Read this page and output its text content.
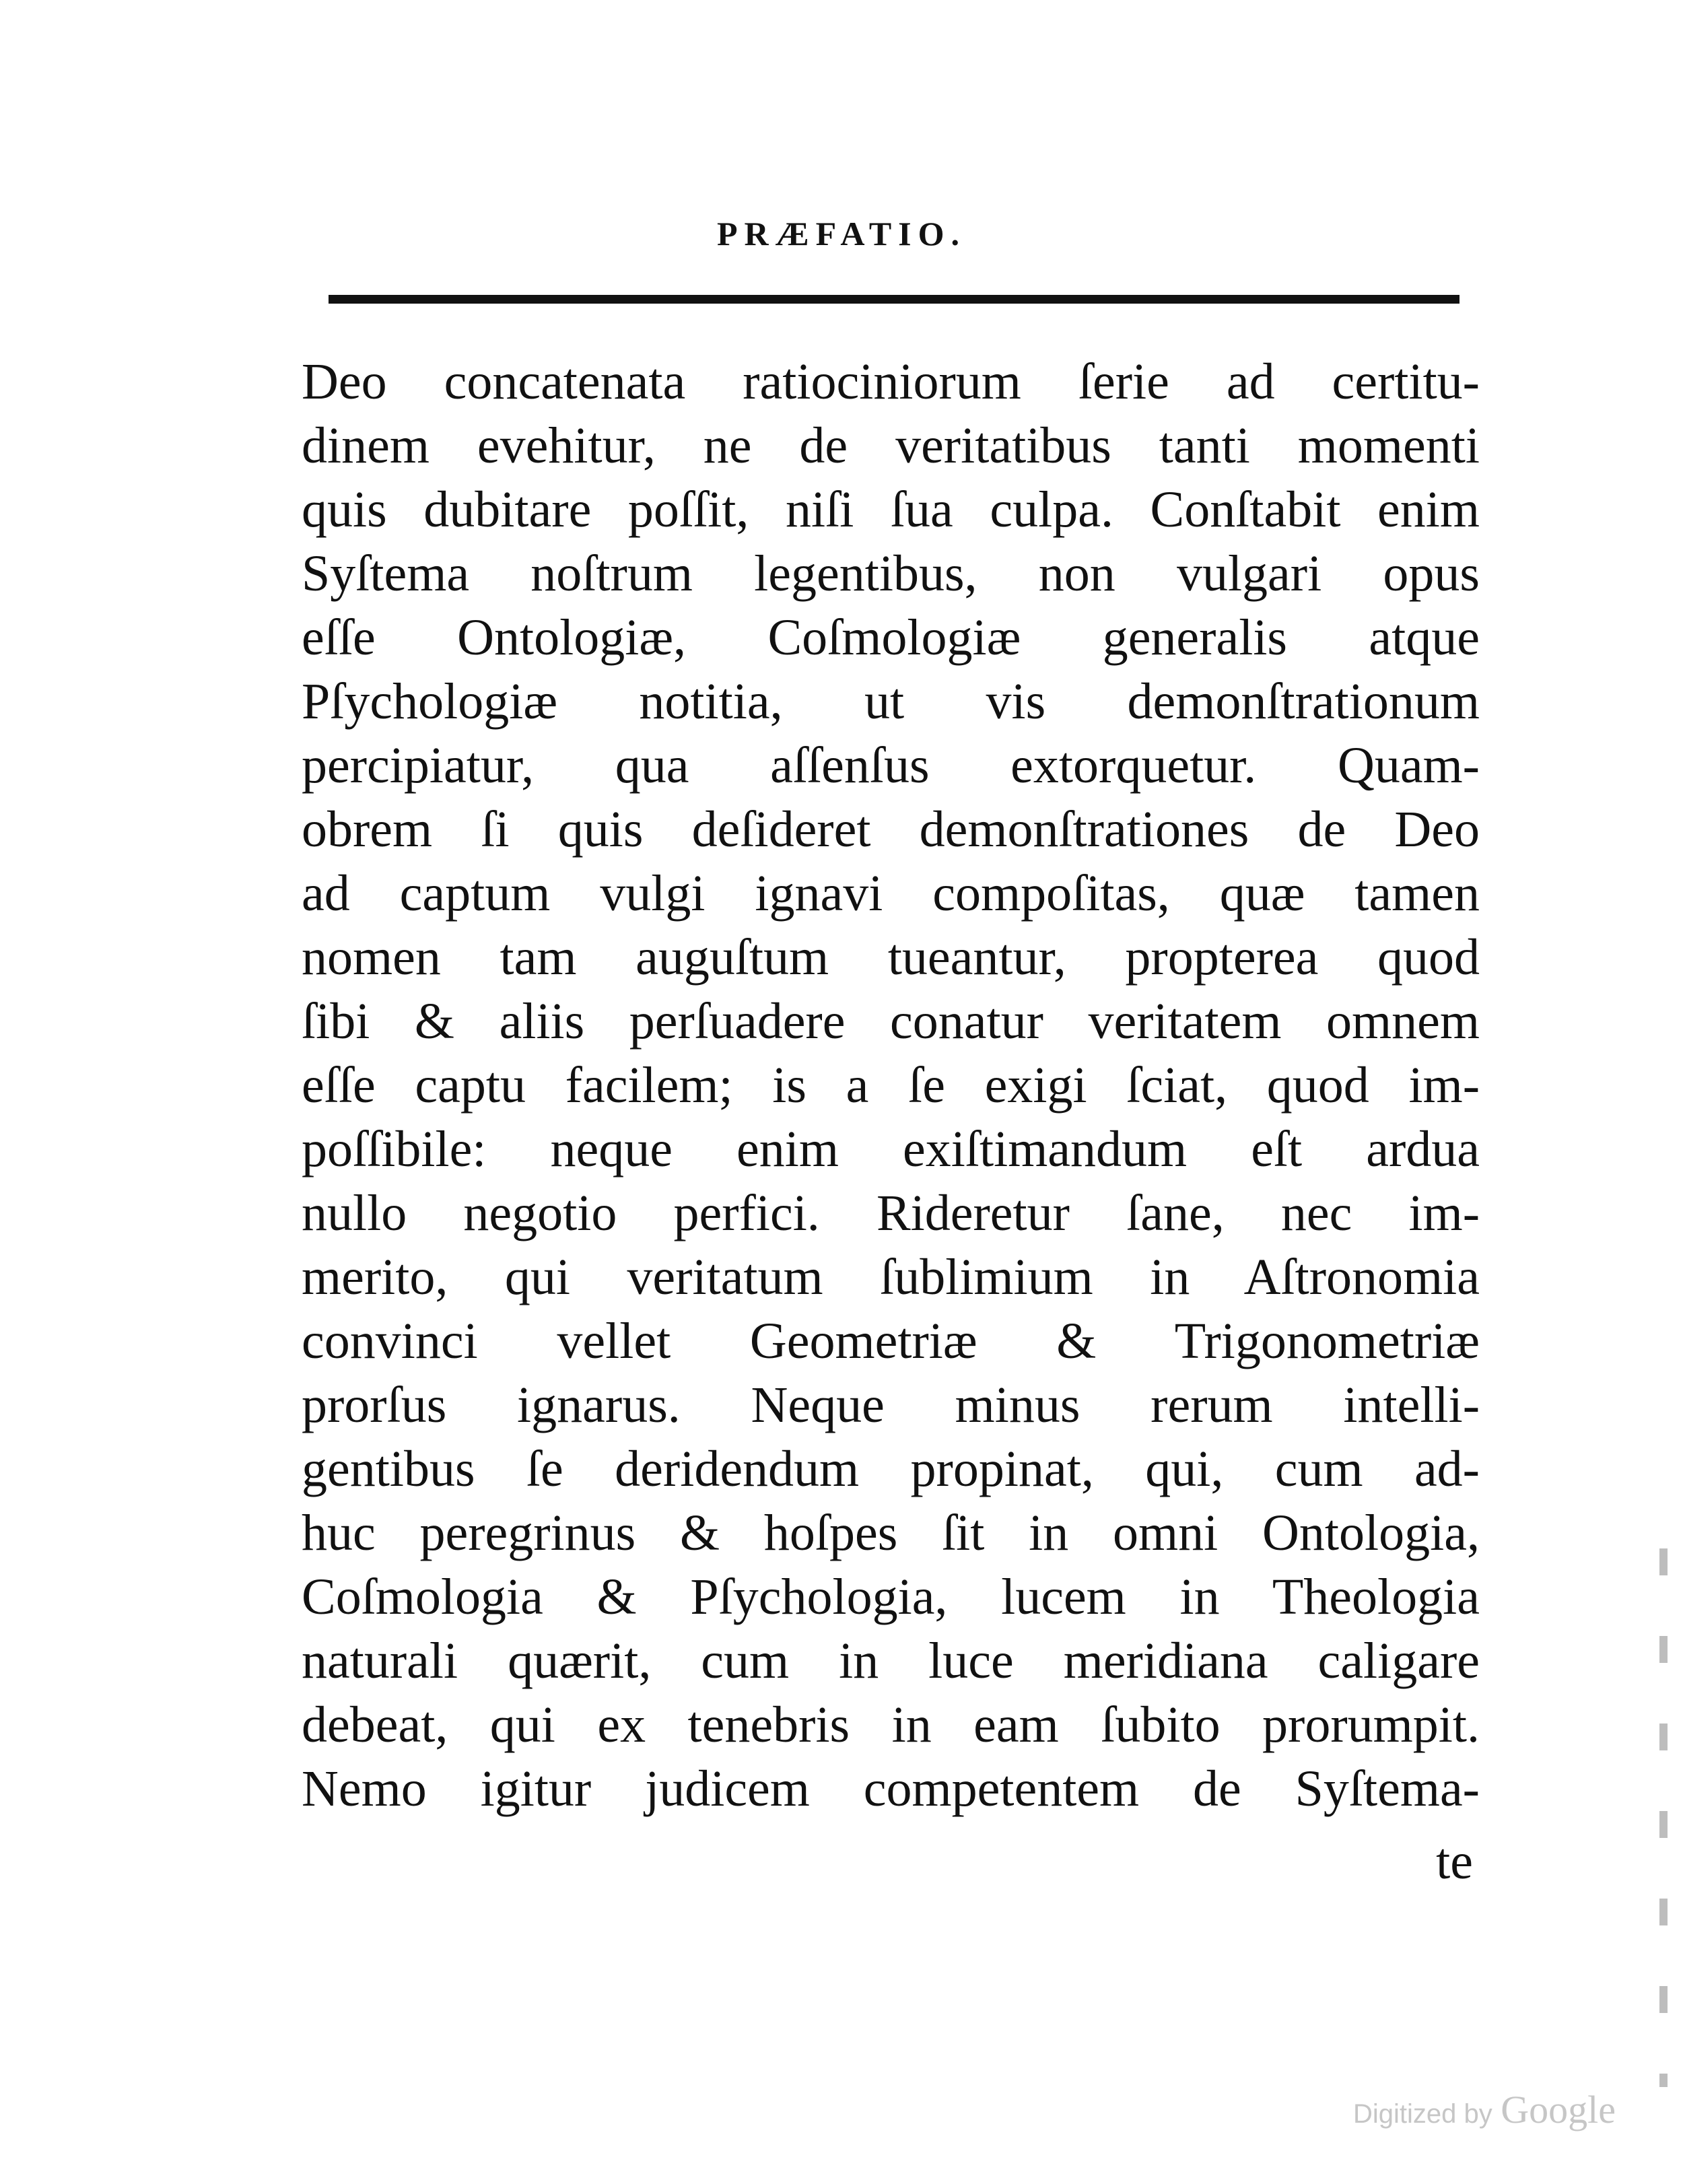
PRÆFATIO.
Deo concatenata ratiociniorum ſerie ad certitu-
dinem evehitur, ne de veritatibus tanti momenti
quis dubitare poſſit, niſi ſua culpa. Conſtabit enim
Syſtema noſtrum legentibus, non vulgari opus
eſſe Ontologiæ, Coſmologiæ generalis atque
Pſychologiæ notitia, ut vis demonſtrationum
percipiatur, qua aſſenſus extorquetur. Quam-
obrem ſi quis deſideret demonſtrationes de Deo
ad captum vulgi ignavi compoſitas, quæ tamen
nomen tam auguſtum tueantur, propterea quod
ſibi & aliis perſuadere conatur veritatem omnem
eſſe captu facilem; is a ſe exigi ſciat, quod im-
poſſibile: neque enim exiſtimandum eſt ardua
nullo negotio perfici. Rideretur ſane, nec im-
merito, qui veritatum ſublimium in Aſtronomia
convinci vellet Geometriæ & Trigonometriæ
prorſus ignarus. Neque minus rerum intelli-
gentibus ſe deridendum propinat, qui, cum ad-
huc peregrinus & hoſpes ſit in omni Ontologia,
Coſmologia & Pſychologia, lucem in Theologia
naturali quærit, cum in luce meridiana caligare
debeat, qui ex tenebris in eam ſubito prorumpit.
Nemo igitur judicem competentem de Syſtema-
te
Digitized by Google
